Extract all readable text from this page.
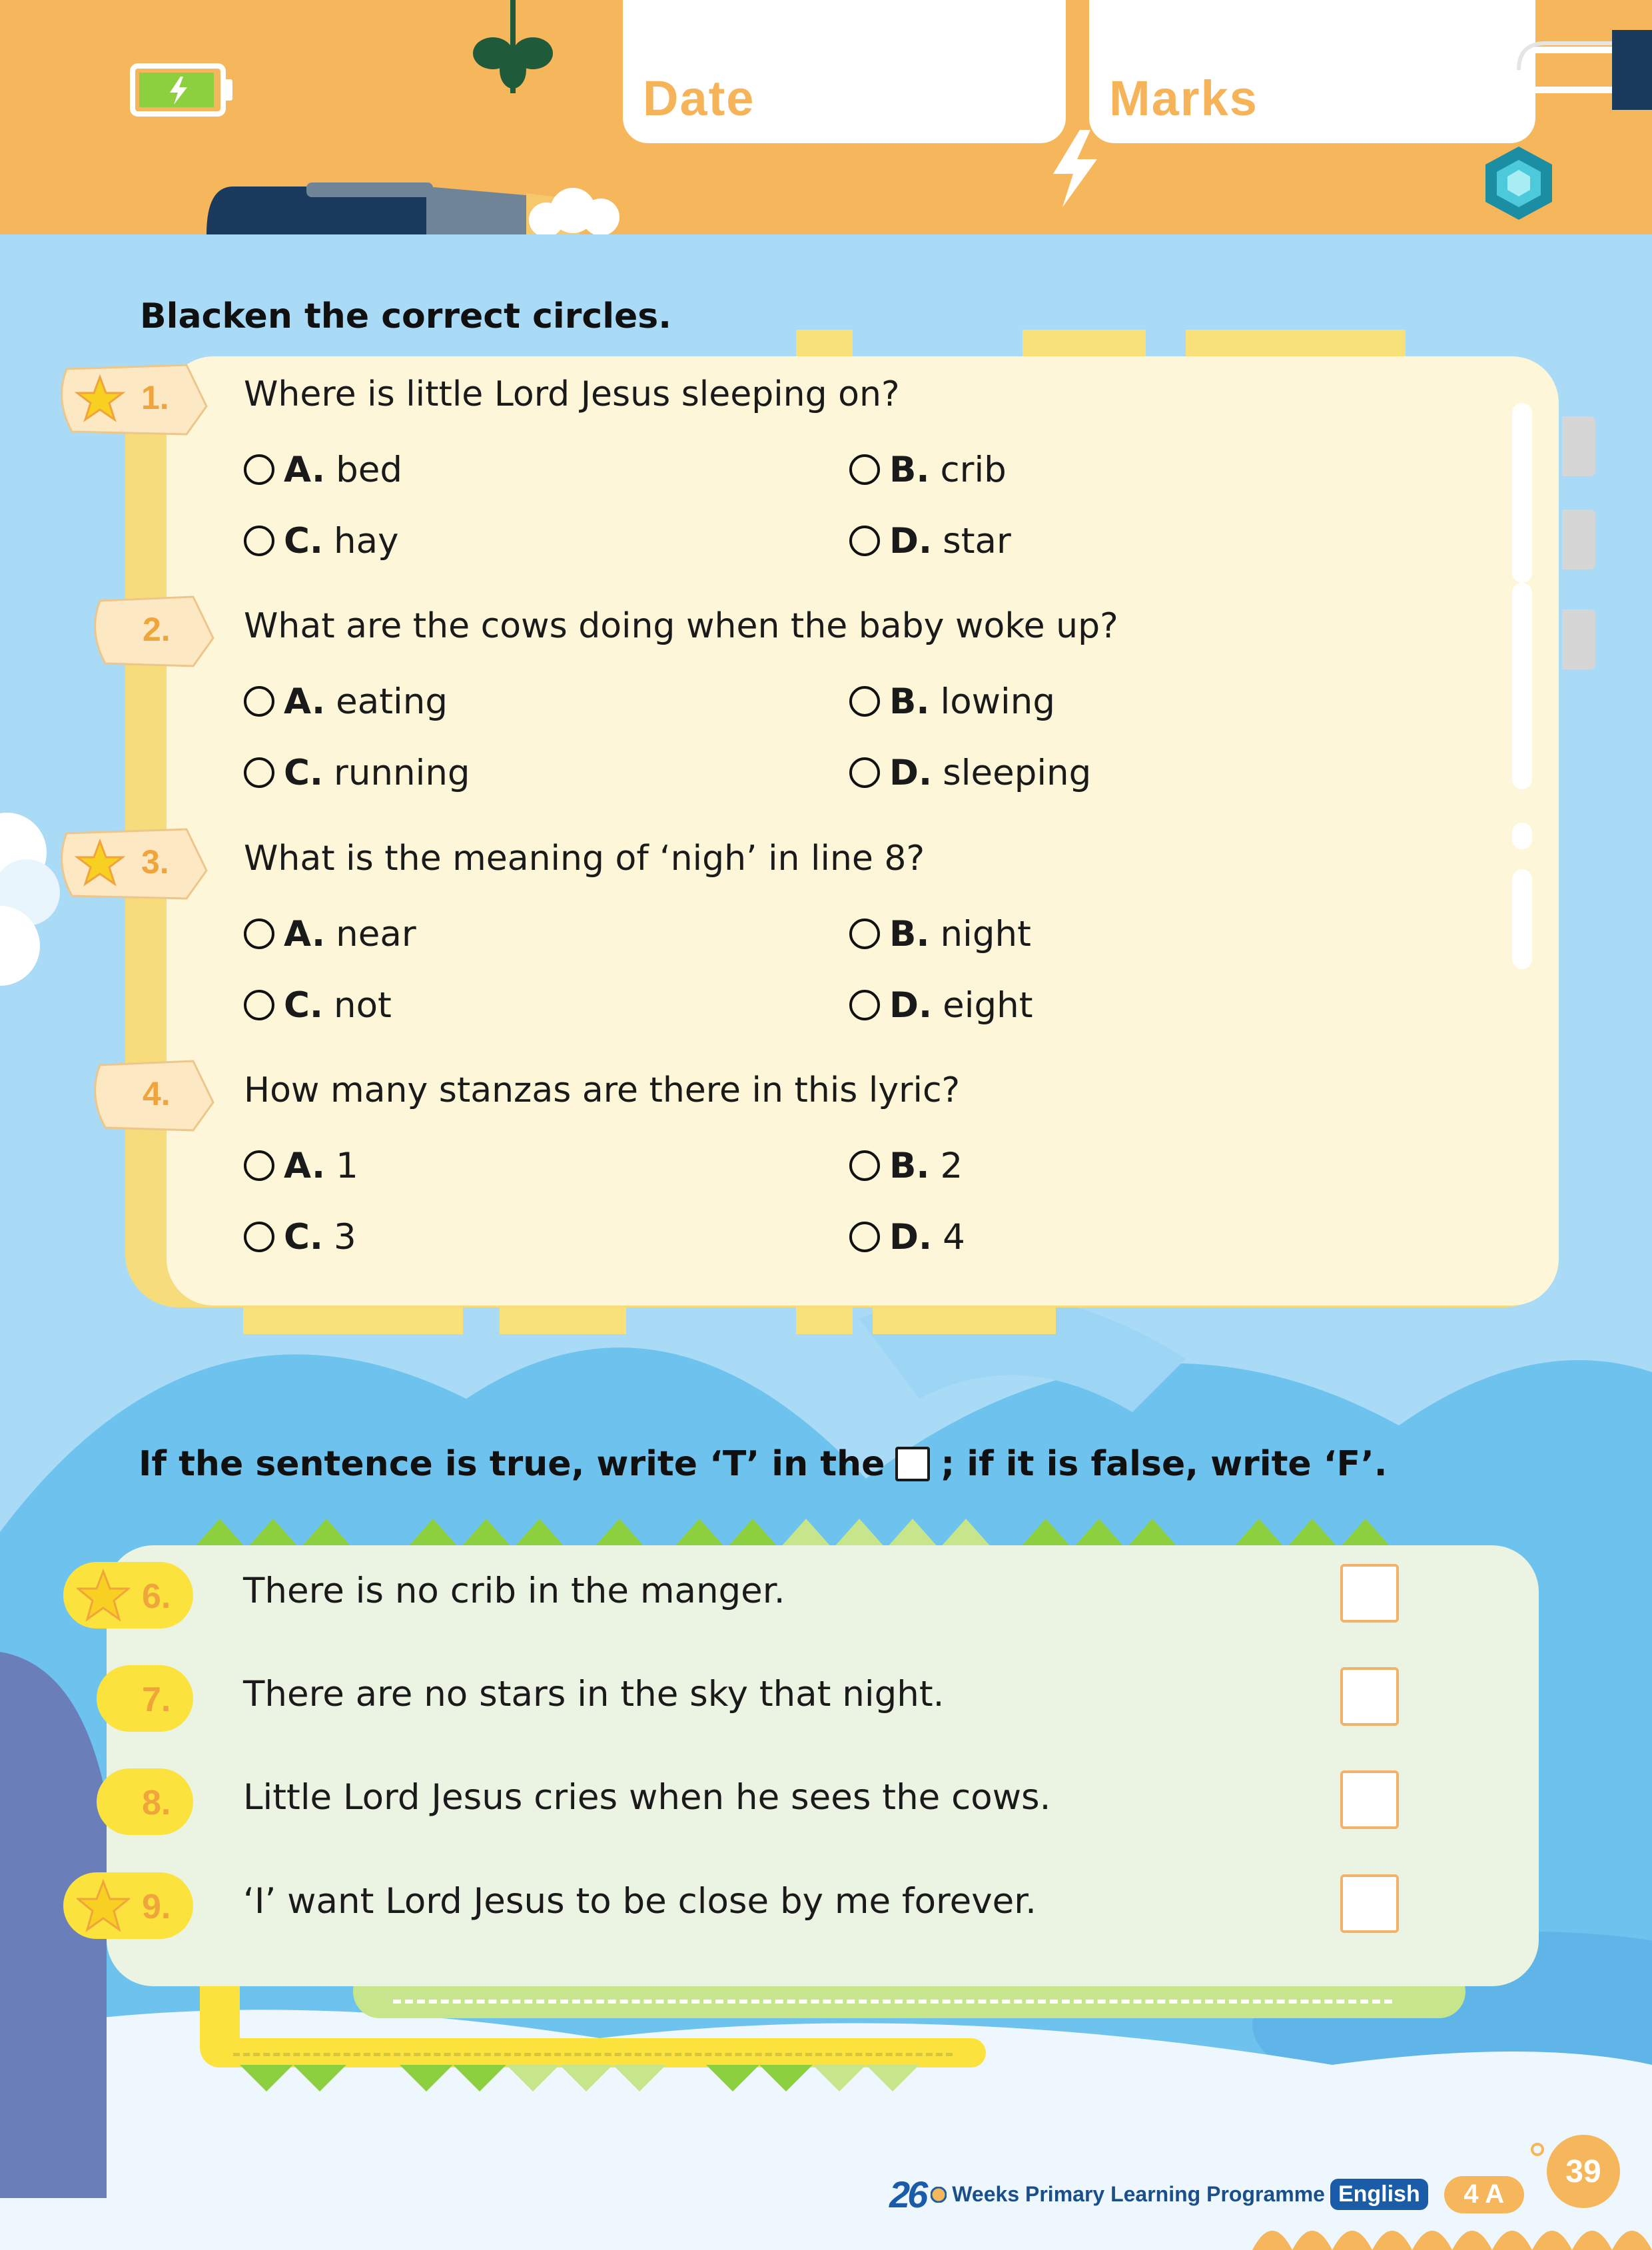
Date	Marks
Blacken the correct circles.
1. Where is little Lord Jesus sleeping on?
A. bed	B. crib
C. hay	D. star
2. What are the cows doing when the baby woke up?
A. eating	B. lowing
C. running	D. sleeping
3. What is the meaning of ‘nigh’ in line 8?
A. near	B. night
C. not	D. eight
4. How many stanzas are there in this lyric?
A. 1	B. 2
C. 3	D. 4
If the sentence is true, write ‘T’ in the ; if it is false, write ‘F’.
6. There is no crib in the manger.
7. There are no stars in the sky that night.
8. Little Lord Jesus cries when he sees the cows.
9. ‘I’ want Lord Jesus to be close by me forever.
26 Weeks Primary Learning Programme English	4 A
39
